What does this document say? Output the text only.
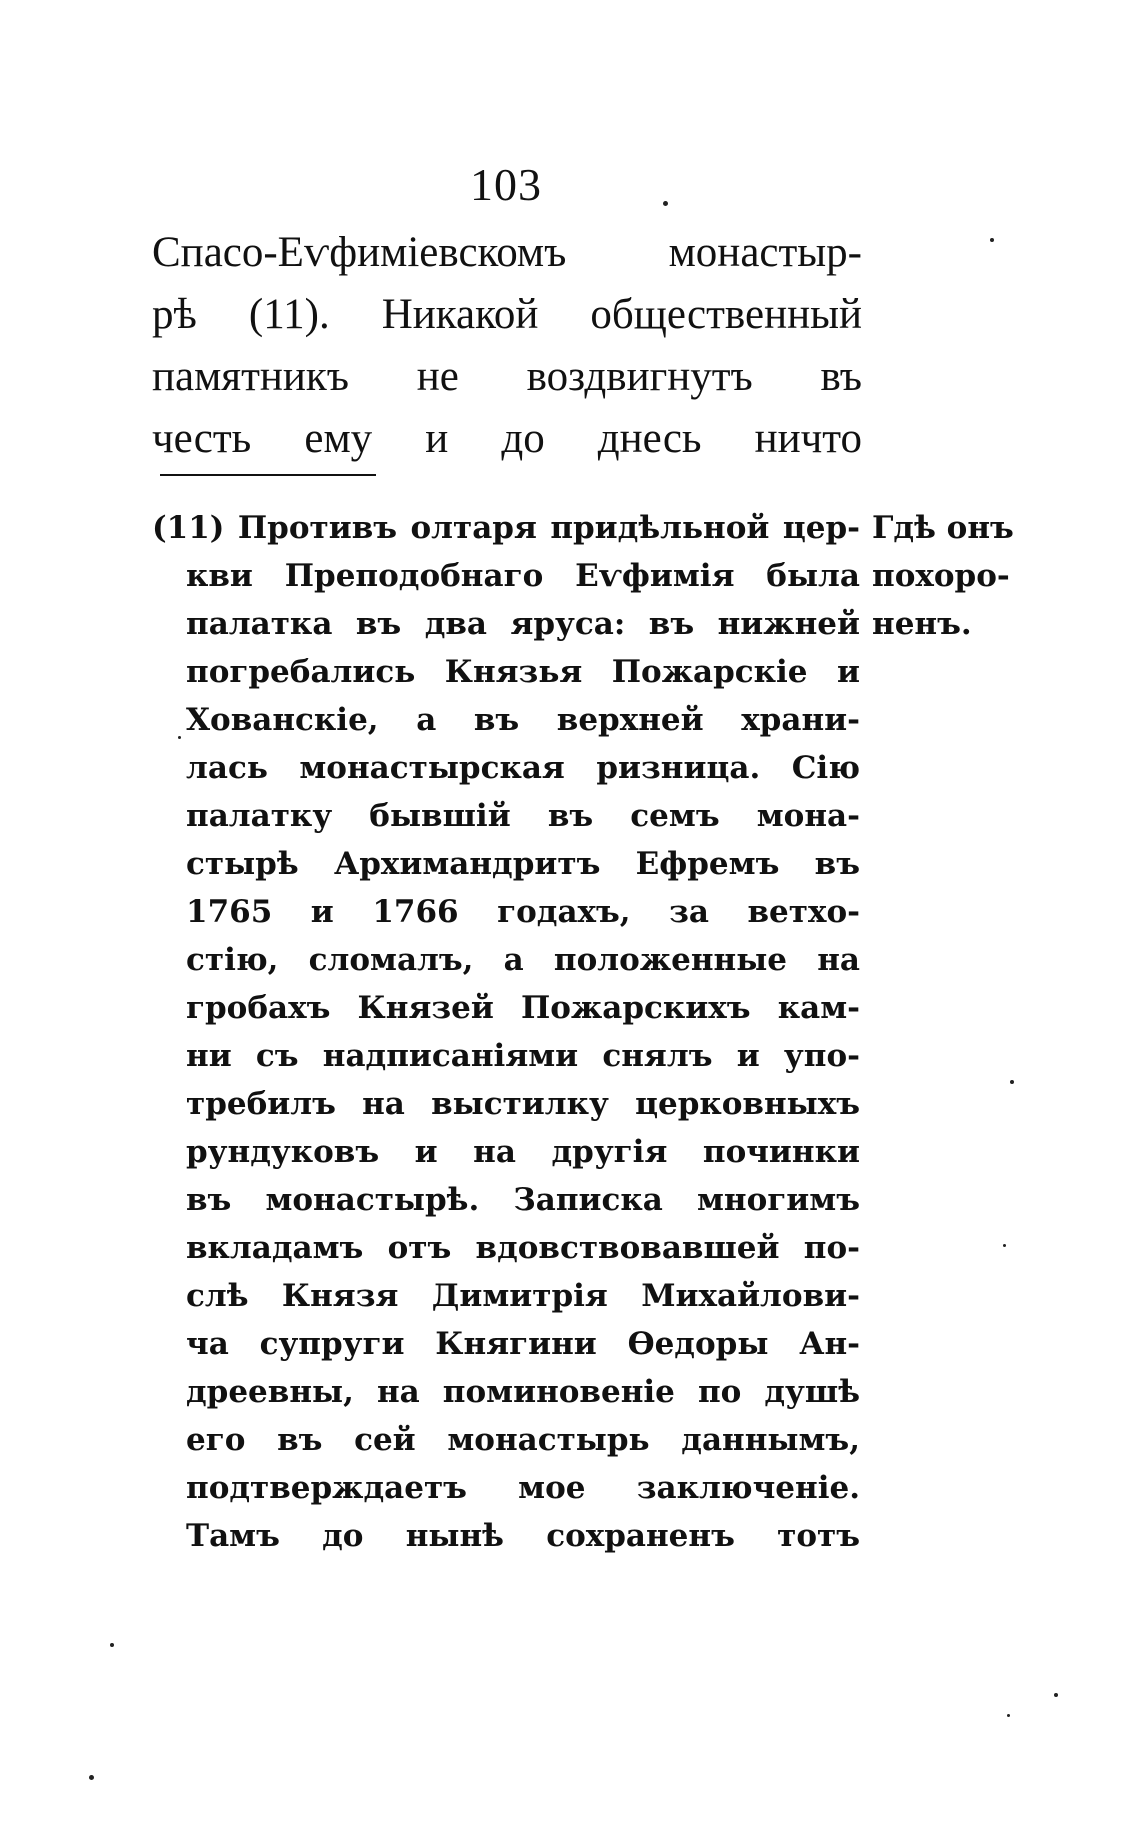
103
Спасо-Еѵфиміевскомъ монастыр-
рѣ (11). Никакой общественный
памятникъ не воздвигнутъ въ
честь ему и до днесь ничто
(11) Противъ олтаря придѣльной цер-
кви Преподобнаго Еѵфимія была
палатка въ два яруса: въ нижней
погребались Князья Пожарскіе и
Хованскіе, а въ верхней храни-
лась монастырская ризница. Сію
палатку бывшій въ семъ мона-
стырѣ Архимандритъ Ефремъ въ
1765 и 1766 годахъ, за ветхо-
стію, сломалъ, а положенные на
гробахъ Князей Пожарскихъ кам-
ни съ надписаніями снялъ и упо-
требилъ на выстилку церковныхъ
рундуковъ и на другія починки
въ монастырѣ. Записка многимъ
вкладамъ отъ вдовствовавшей по-
слѣ Князя Димитрія Михайлови-
ча супруги Княгини Ѳедоры Ан-
дреевны, на поминовеніе по душѣ
его въ сей монастырь даннымъ,
подтверждаетъ мое заключеніе.
Тамъ до нынѣ сохраненъ тотъ
Гдѣ онъ
похоро-
ненъ.
